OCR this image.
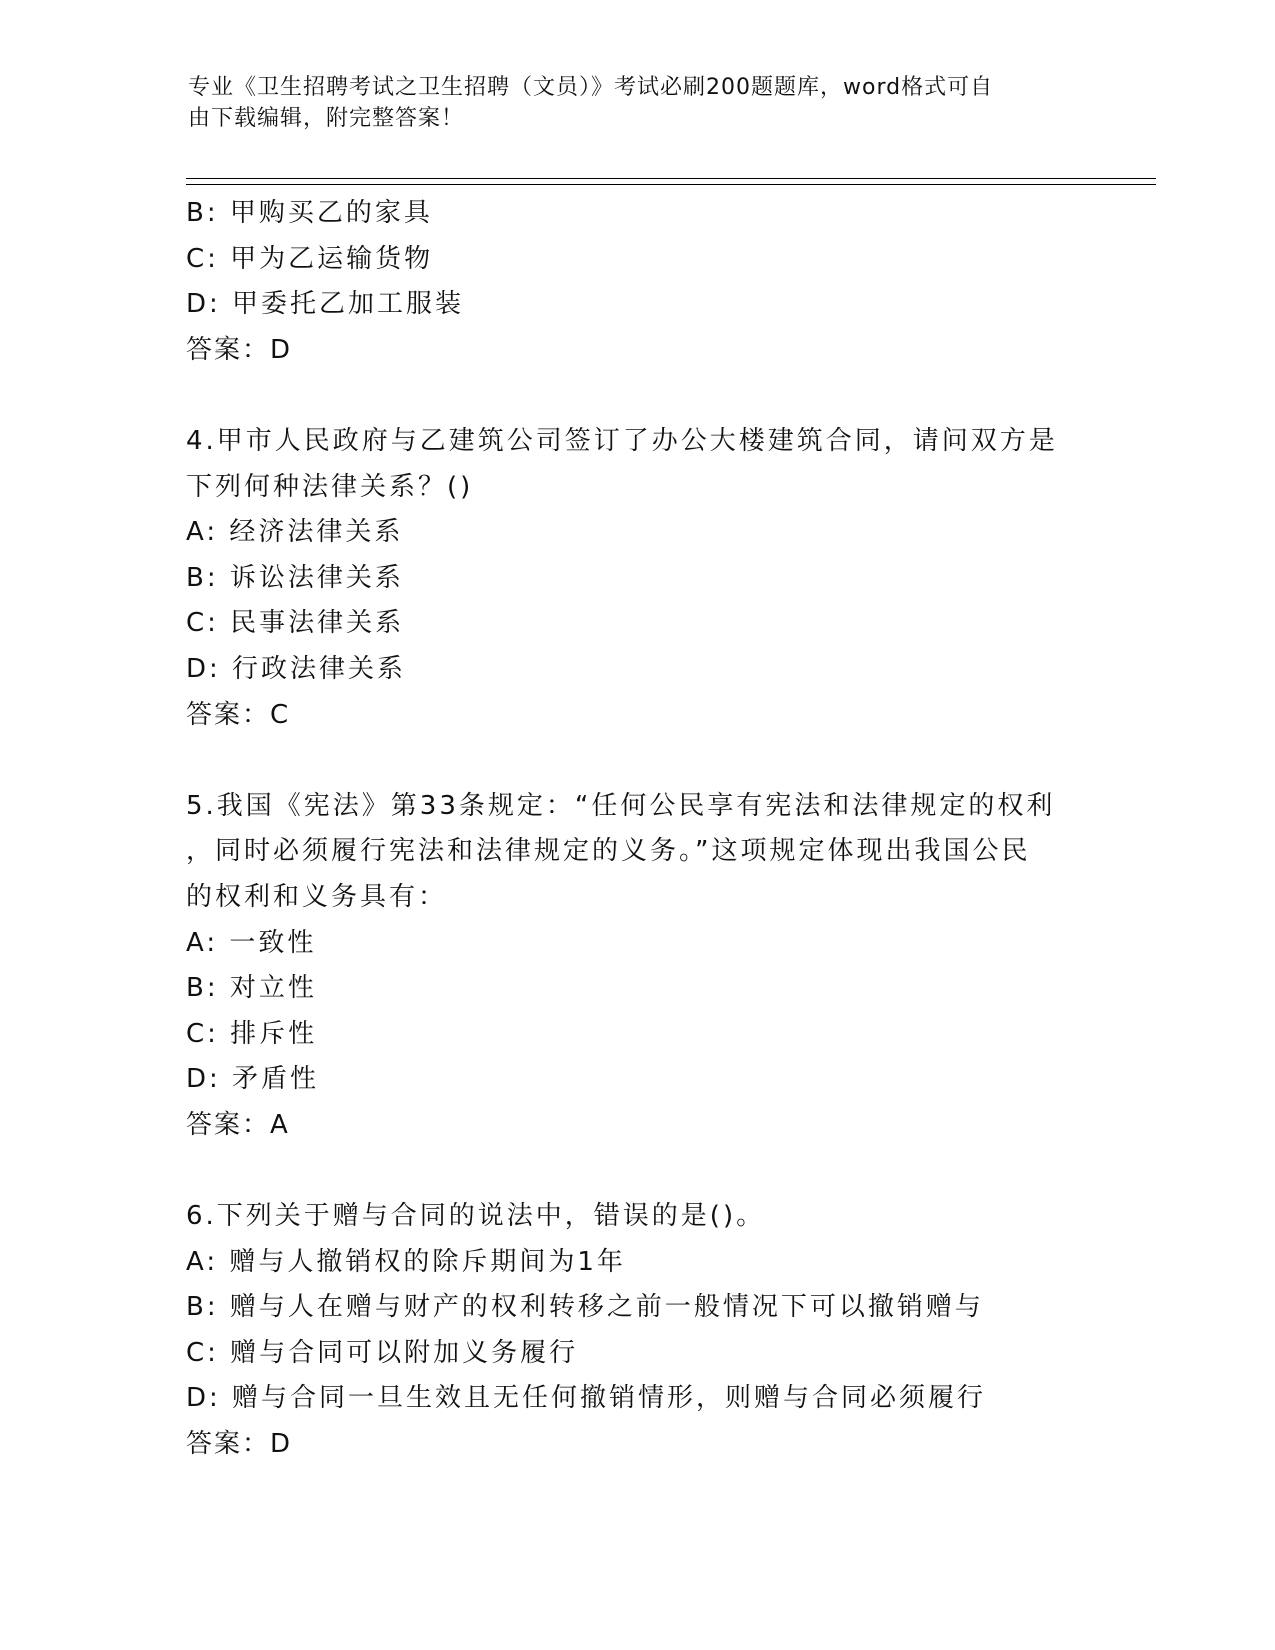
专业《卫生招聘考试之卫生招聘（文员）》考试必刷200题题库，word格式可自
由下载编辑，附完整答案！
B: 甲购买乙的家具
C: 甲为乙运输货物
D: 甲委托乙加工服装
答案：D
4.甲市人民政府与乙建筑公司签订了办公大楼建筑合同，请问双方是
下列何种法律关系？()
A: 经济法律关系
B: 诉讼法律关系
C: 民事法律关系
D: 行政法律关系
答案：C
5.我国《宪法》第33条规定：“任何公民享有宪法和法律规定的权利
，同时必须履行宪法和法律规定的义务。”这项规定体现出我国公民
的权利和义务具有：
A: 一致性
B: 对立性
C: 排斥性
D: 矛盾性
答案：A
6.下列关于赠与合同的说法中，错误的是()。
A: 赠与人撤销权的除斥期间为1年
B: 赠与人在赠与财产的权利转移之前一般情况下可以撤销赠与
C: 赠与合同可以附加义务履行
D: 赠与合同一旦生效且无任何撤销情形，则赠与合同必须履行
答案：D
